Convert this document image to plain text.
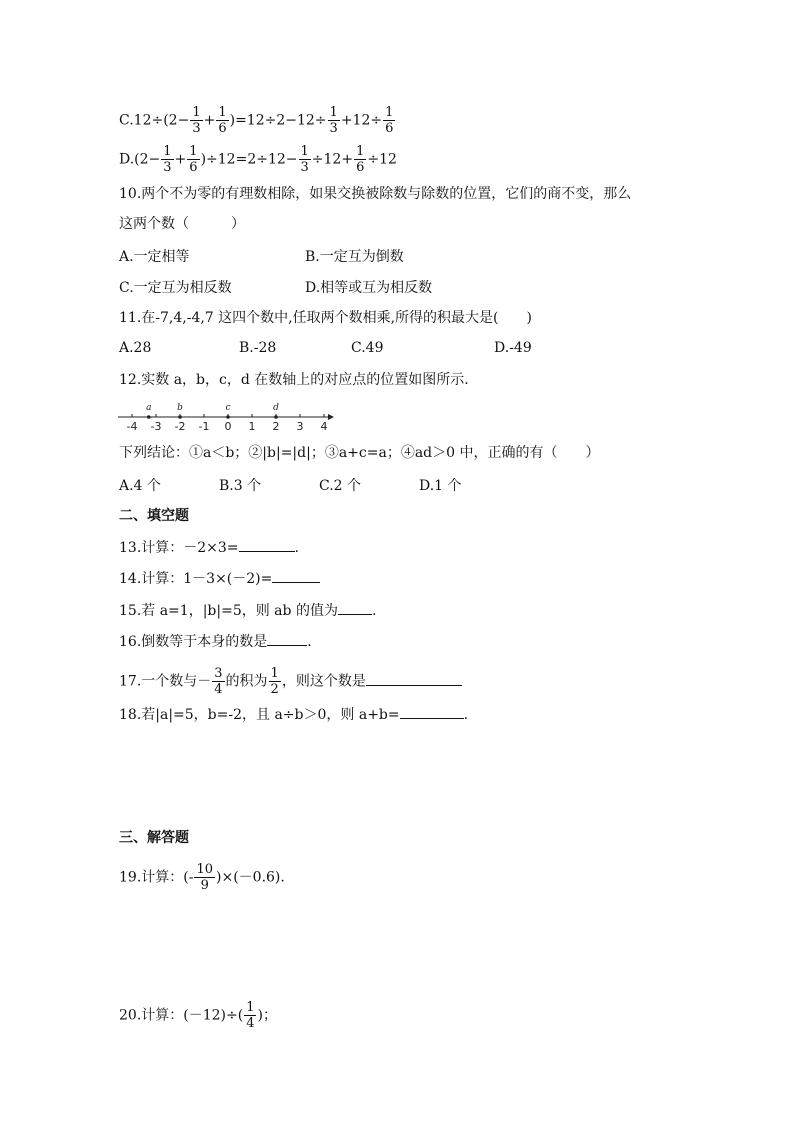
$C.12\div(2- \frac{1}{3} + \frac{1}{6} )=12\div 2-12\div \frac{1}{3} +12\div \frac{1}{6}$
$D.(2- \frac{1}{3} + \frac{1}{6} )\div 12=2\div 12- \frac{1}{3} \div 12+ \frac{1}{6} \div 12$
10.两个不为零的有理数相除，如果交换被除数与除数的位置，它们的商不变，那么
这两个数（　　　）
A.一定相等	B.一定互为倒数
C.一定互为相反数	D.相等或互为相反数
11.在-7,4,-4,7 这四个数中,任取两个数相乘,所得的积最大是(　　)
A.28	B.-28	C.49	D.-49
12.实数 a，b，c，d 在数轴上的对应点的位置如图所示.
-4 -3 -2 -1 0 1 2 3 4
a	b	c	d
下列结论：①a＜b；②|b|=|d|；③a+c=a；④ad＞0 中，正确的有（　　）
A.4 个	B.3 个	C.2 个	D.1 个
二、填空题
13.计算：－2×3=	.
14.计算：1－3×(－2)=
15.若 a=1，|b|=5，则 ab 的值为 .
16.倒数等于本身的数是	.
17.一个数与－ $\frac{3}{4}$ 的积为 $\frac{1}{2}$ ，则这个数是
18.若|a|=5，b=-2，且 a÷b＞0，则 a+b=	.
三、解答题
19.计算：(- $\frac{10}{9} )\times(-0.6)$.
20.计算：$(-12)\div( \frac{1}{4}$ )；
